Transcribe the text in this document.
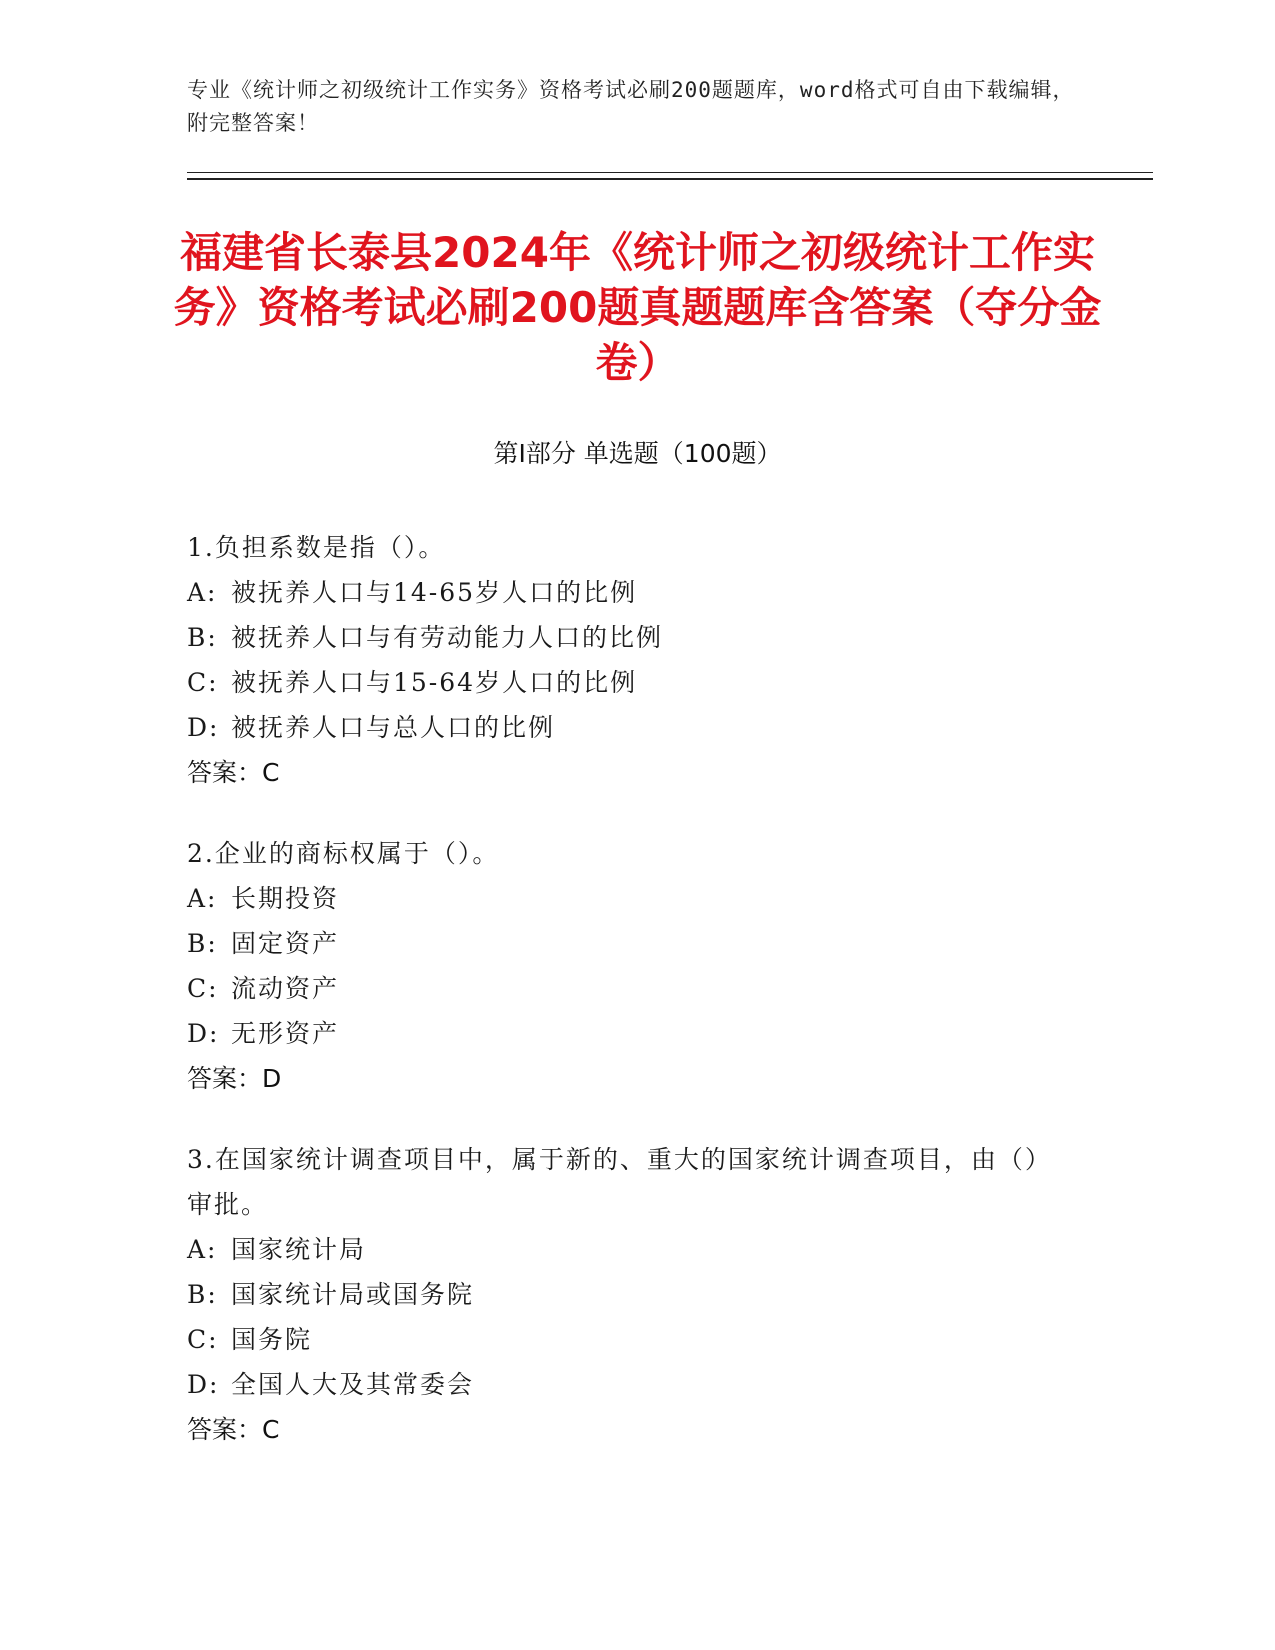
专业《统计师之初级统计工作实务》资格考试必刷200题题库，word格式可自由下载编辑，附完整答案！
福建省长泰县2024年《统计师之初级统计工作实务》资格考试必刷200题真题题库含答案（夺分金卷）
第Ⅰ部分 单选题（100题）
1.负担系数是指（）。
A: 被抚养人口与14-65岁人口的比例
B: 被抚养人口与有劳动能力人口的比例
C: 被抚养人口与15-64岁人口的比例
D: 被抚养人口与总人口的比例
答案：C
2.企业的商标权属于（）。
A: 长期投资
B: 固定资产
C: 流动资产
D: 无形资产
答案：D
3.在国家统计调查项目中，属于新的、重大的国家统计调查项目，由（）审批。
A: 国家统计局
B: 国家统计局或国务院
C: 国务院
D: 全国人大及其常委会
答案：C
